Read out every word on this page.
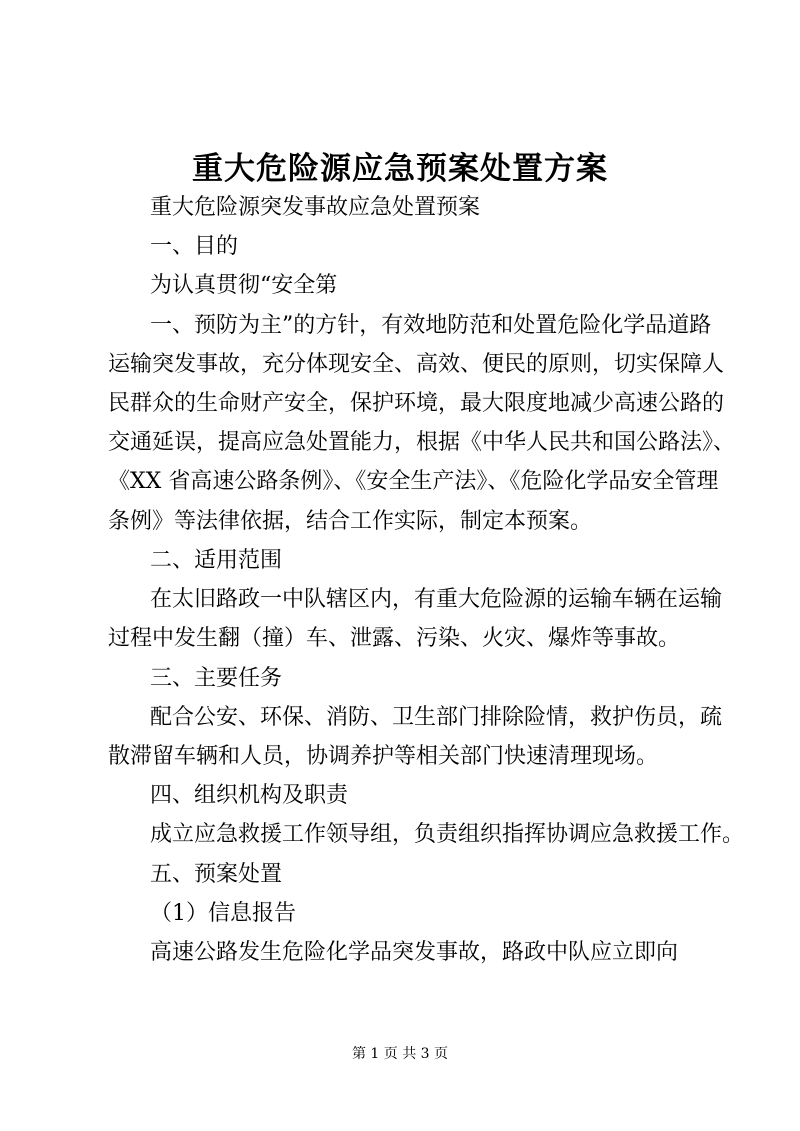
重大危险源应急预案处置方案
重大危险源突发事故应急处置预案
一、目的
为认真贯彻“安全第
一、预防为主”的方针，有效地防范和处置危险化学品道路
运输突发事故，充分体现安全、高效、便民的原则，切实保障人
民群众的生命财产安全，保护环境，最大限度地减少高速公路的
交通延误，提高应急处置能力，根据《中华人民共和国公路法》、
《XX 省高速公路条例》、《安全生产法》、《危险化学品安全管理
条例》等法律依据，结合工作实际，制定本预案。
二、适用范围
在太旧路政一中队辖区内，有重大危险源的运输车辆在运输
过程中发生翻（撞）车、泄露、污染、火灾、爆炸等事故。
三、主要任务
配合公安、环保、消防、卫生部门排除险情，救护伤员，疏
散滞留车辆和人员，协调养护等相关部门快速清理现场。
四、组织机构及职责
成立应急救援工作领导组，负责组织指挥协调应急救援工作。
五、预案处置
（1）信息报告
高速公路发生危险化学品突发事故，路政中队应立即向
第 1 页 共 3 页
